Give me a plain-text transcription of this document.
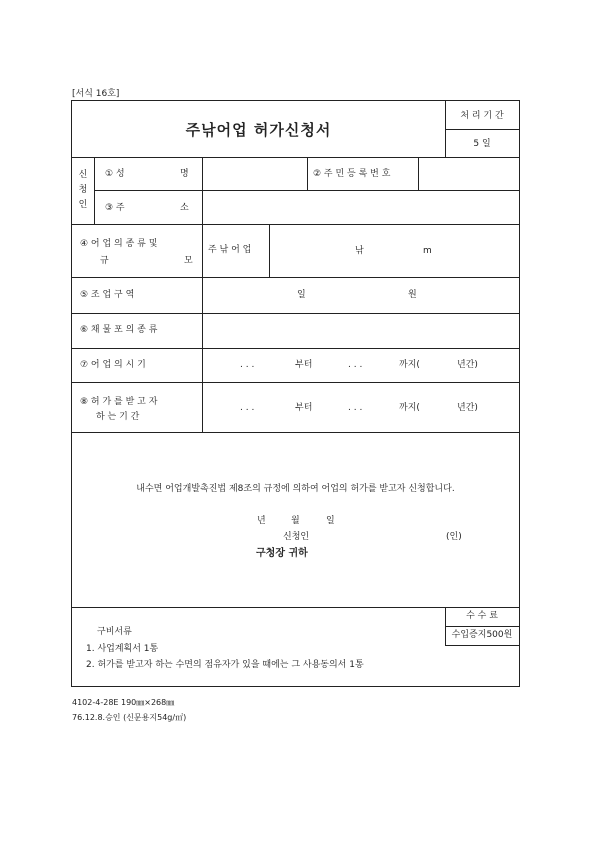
[서식 16호]
주낚어업 허가신청서
처 리 기 간
5 일
신
청
인
① 성	명	② 주 민 등 록 번 호
③ 주	소
④ 어 업 의 종 류 및
규	모
주 낚 어 업	낚	m
⑤ 조 업 구 역	일	원
⑥ 채 물 포 의 종 류
⑦ 어 업 의 시 기	. . .	부터	. . .	까지(	년간)
⑧ 허 가 를 받 고 자
하 는 기 간
. . .	부터	. . .	까지(	년간)
내수면 어업개발촉진법 제8조의 규정에 의하여 어업의 허가를 받고자 신청합니다.
년	월	일
신청인	(인)
구청장 귀하
구비서류
1. 사업계획서 1통
2. 허가를 받고자 하는 수면의 점유자가 있을 때에는 그 사용동의서 1통
수 수 료
수입증지500원
4102-4-28E 190㎜×268㎜
76.12.8.승인 (신문용지54g/㎡)
